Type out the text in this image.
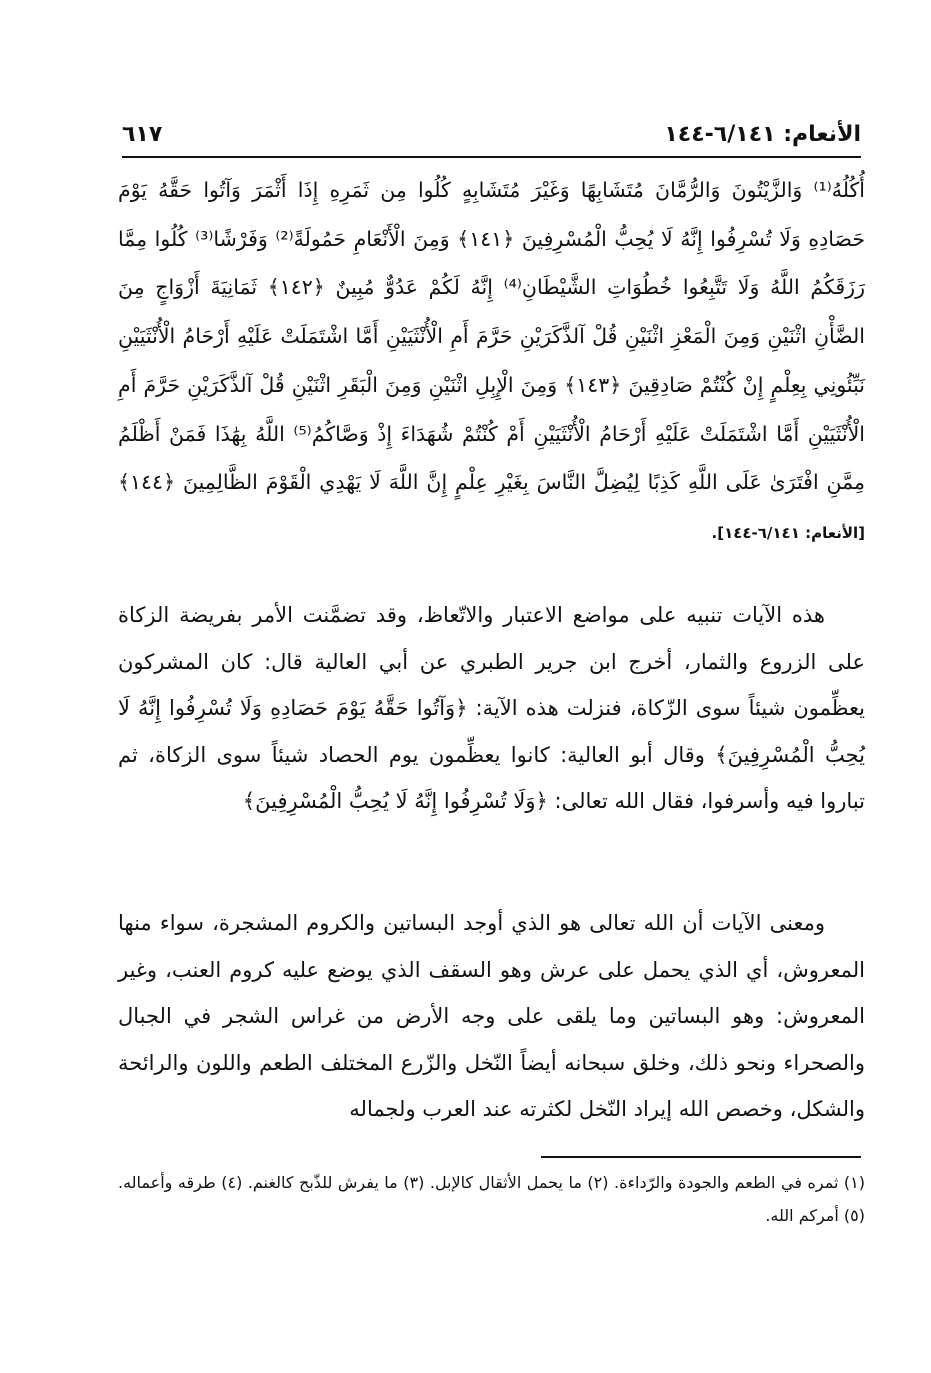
الأنعام: ٦/١٤١-١٤٤
٦١٧
أُكُلُهُ⁽¹⁾ وَالزَّيْتُونَ وَالرُّمَّانَ مُتَشَابِهًا وَغَيْرَ مُتَشَابِهٍ كُلُوا مِن ثَمَرِهِ إِذَا أَثْمَرَ وَآتُوا حَقَّهُ يَوْمَ حَصَادِهِ وَلَا تُسْرِفُوا إِنَّهُ لَا يُحِبُّ الْمُسْرِفِينَ ﴿١٤١﴾ وَمِنَ الْأَنْعَامِ حَمُولَةً⁽²⁾ وَفَرْشًا⁽³⁾ كُلُوا مِمَّا رَزَقَكُمُ اللَّهُ وَلَا تَتَّبِعُوا خُطُوَاتِ الشَّيْطَانِ⁽⁴⁾ إِنَّهُ لَكُمْ عَدُوٌّ مُبِينٌ ﴿١٤٢﴾ ثَمَانِيَةَ أَزْوَاجٍ مِنَ الضَّأْنِ اثْنَيْنِ وَمِنَ الْمَعْزِ اثْنَيْنِ قُلْ آلذَّكَرَيْنِ حَرَّمَ أَمِ الْأُنْثَيَيْنِ أَمَّا اشْتَمَلَتْ عَلَيْهِ أَرْحَامُ الْأُنْثَيَيْنِ نَبِّئُونِي بِعِلْمٍ إِنْ كُنْتُمْ صَادِقِينَ ﴿١٤٣﴾ وَمِنَ الْإِبِلِ اثْنَيْنِ وَمِنَ الْبَقَرِ اثْنَيْنِ قُلْ آلذَّكَرَيْنِ حَرَّمَ أَمِ الْأُنْثَيَيْنِ أَمَّا اشْتَمَلَتْ عَلَيْهِ أَرْحَامُ الْأُنْثَيَيْنِ أَمْ كُنْتُمْ شُهَدَاءَ إِذْ وَصَّاكُمُ⁽⁵⁾ اللَّهُ بِهَٰذَا فَمَنْ أَظْلَمُ مِمَّنِ افْتَرَىٰ عَلَى اللَّهِ كَذِبًا لِيُضِلَّ النَّاسَ بِغَيْرِ عِلْمٍ إِنَّ اللَّهَ لَا يَهْدِي الْقَوْمَ الظَّالِمِينَ ﴿١٤٤﴾ [الأنعام: ٦/١٤١-١٤٤].
هذه الآيات تنبيه على مواضع الاعتبار والاتّعاظ، وقد تضمَّنت الأمر بفريضة الزكاة على الزروع والثمار، أخرج ابن جرير الطبري عن أبي العالية قال: كان المشركون يعظِّمون شيئاً سوى الزّكاة، فنزلت هذه الآية: ﴿وَآتُوا حَقَّهُ يَوْمَ حَصَادِهِ وَلَا تُسْرِفُوا إِنَّهُ لَا يُحِبُّ الْمُسْرِفِينَ﴾ وقال أبو العالية: كانوا يعظِّمون يوم الحصاد شيئاً سوى الزكاة، ثم تباروا فيه وأسرفوا، فقال الله تعالى: ﴿وَلَا تُسْرِفُوا إِنَّهُ لَا يُحِبُّ الْمُسْرِفِينَ﴾
ومعنى الآيات أن الله تعالى هو الذي أوجد البساتين والكروم المشجرة، سواء منها المعروش، أي الذي يحمل على عرش وهو السقف الذي يوضع عليه كروم العنب، وغير المعروش: وهو البساتين وما يلقى على وجه الأرض من غراس الشجر في الجبال والصحراء ونحو ذلك، وخلق سبحانه أيضاً النّخل والزّرع المختلف الطعم واللون والرائحة والشكل، وخصص الله إيراد النّخل لكثرته عند العرب ولجماله
(١) ثمره في الطعم والجودة والرّداءة. (٢) ما يحمل الأثقال كالإبل. (٣) ما يفرش للذّبح كالغنم. (٤) طرقه وأعماله. (٥) أمركم الله.
